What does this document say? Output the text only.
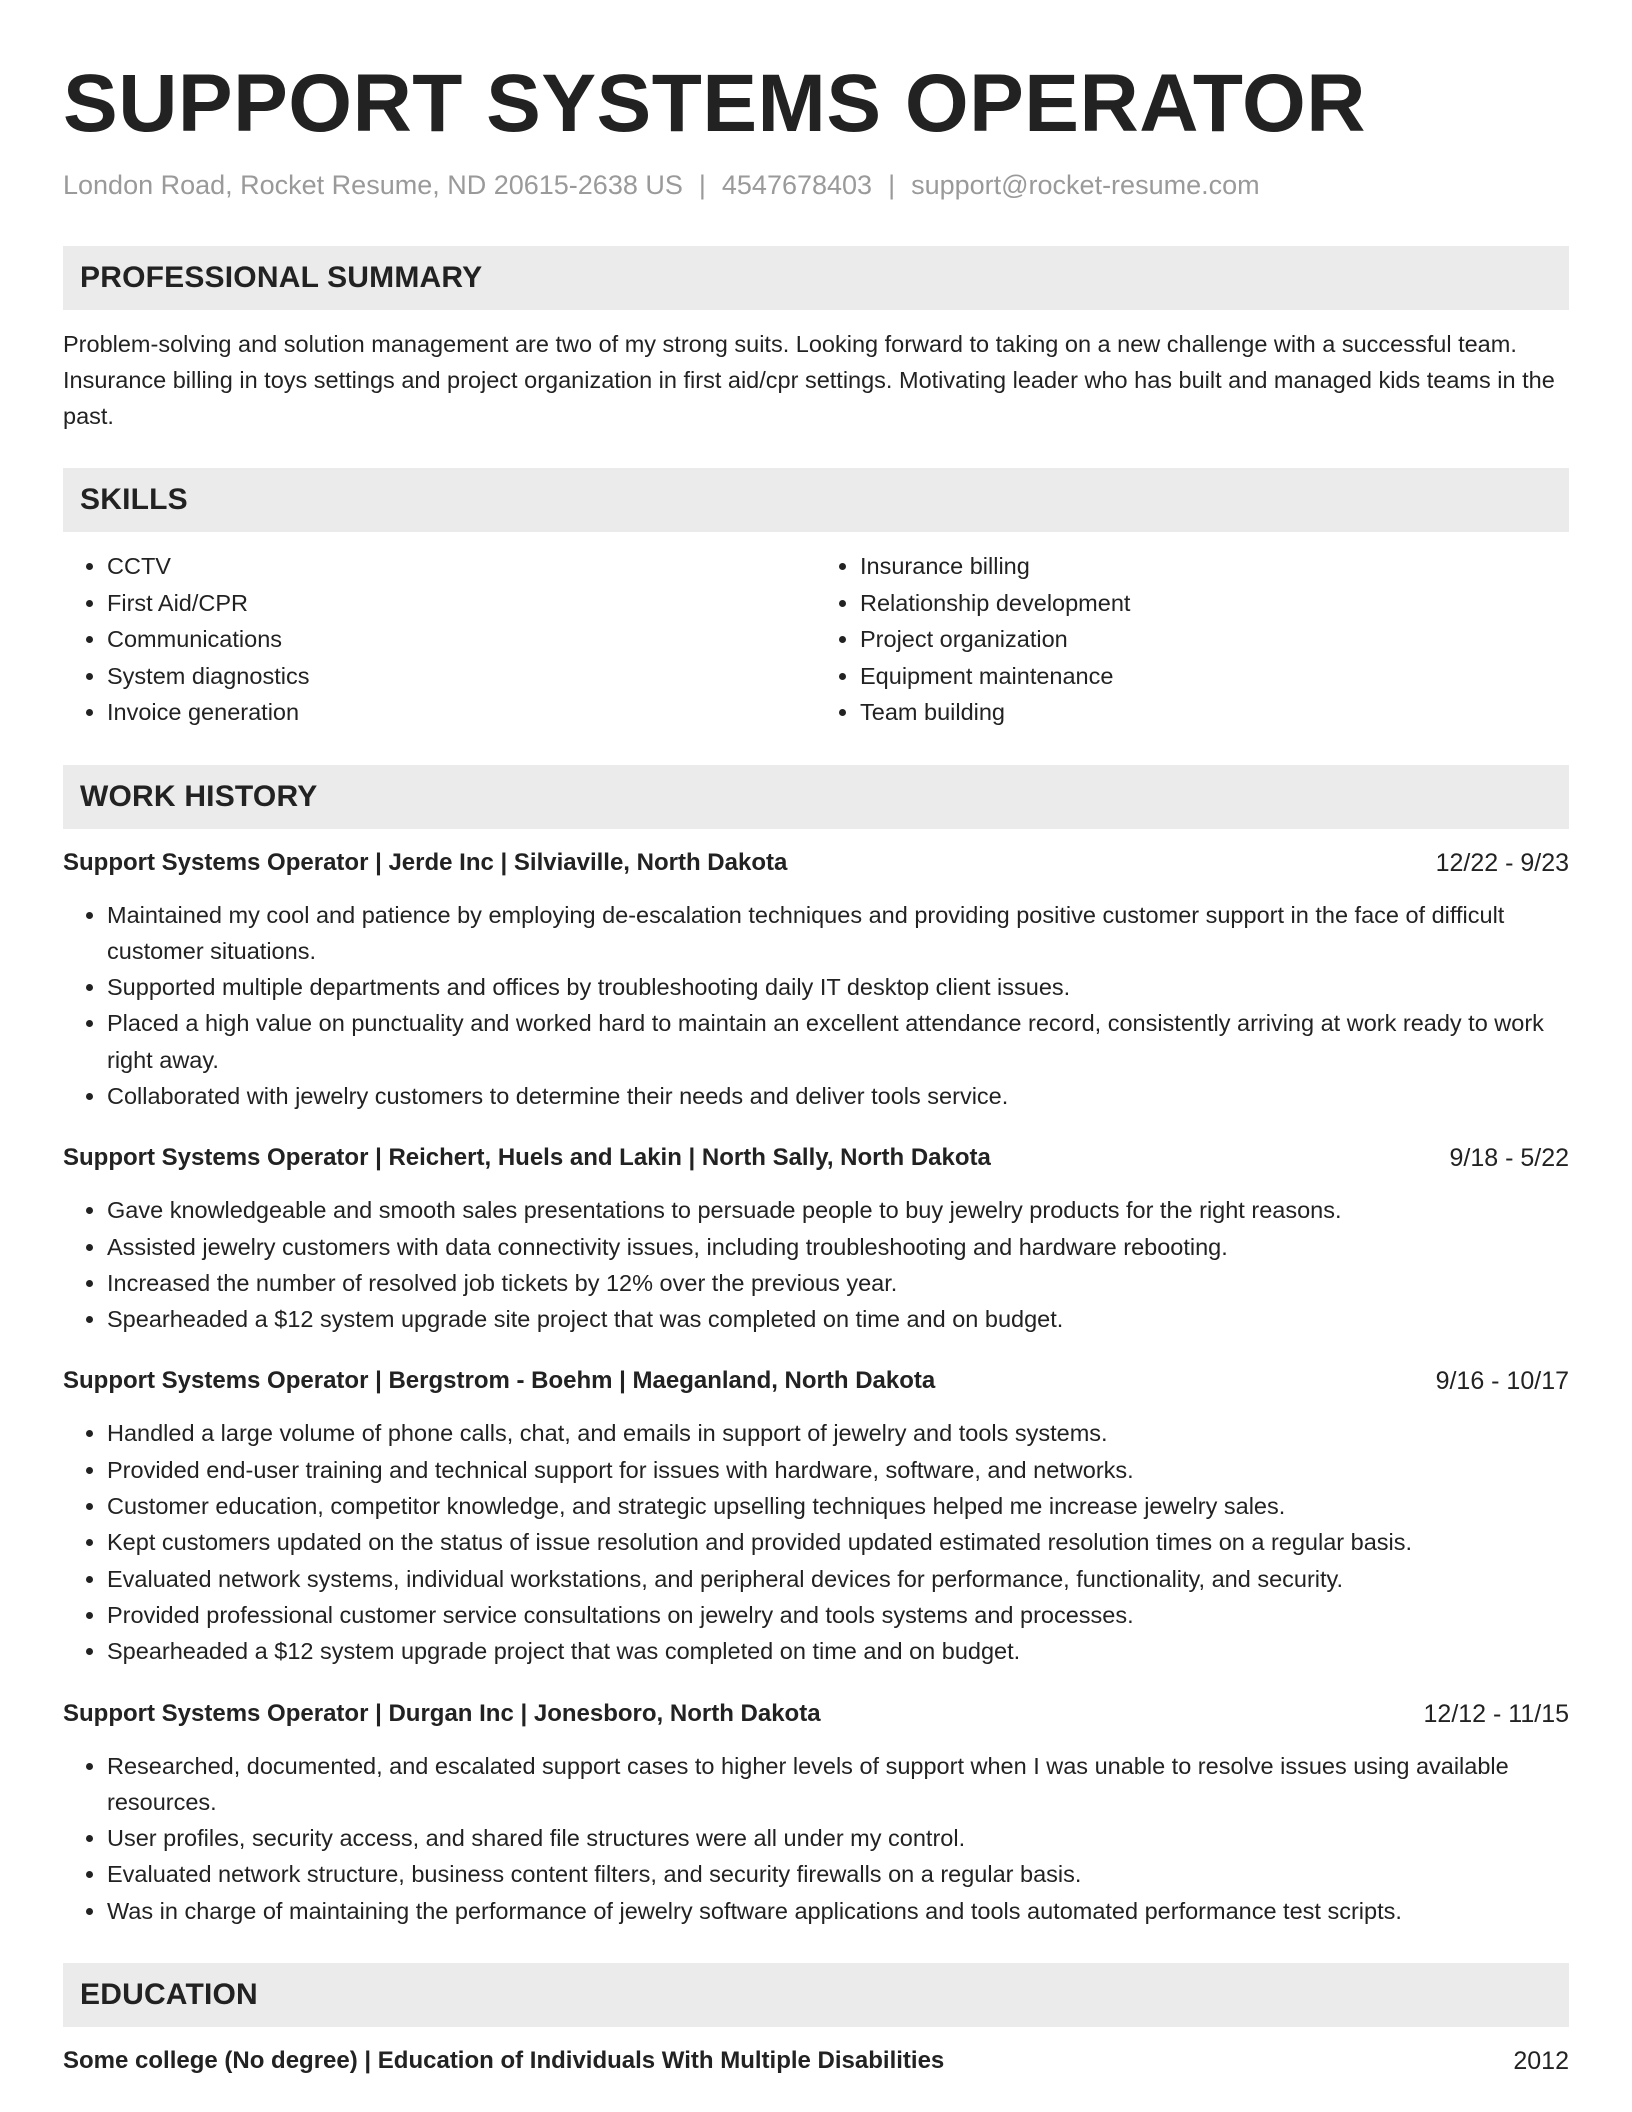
SUPPORT SYSTEMS OPERATOR
London Road, Rocket Resume, ND 20615-2638 US | 4547678403 | support@rocket-resume.com
PROFESSIONAL SUMMARY

Problem-solving and solution management are two of my strong suits. Looking forward to taking on a new challenge with a successful team. Insurance billing in toys settings and project organization in first aid/cpr settings. Motivating leader who has built and managed kids teams in the past.

SKILLS
• CCTV
• First Aid/CPR
• Communications
• System diagnostics
• Invoice generation
• Insurance billing
• Relationship development
• Project organization
• Equipment maintenance
• Team building
WORK HISTORY
Support Systems Operator | Jerde Inc | Silviaville, North Dakota	12/22 - 9/23
• Maintained my cool and patience by employing de-escalation techniques and providing positive customer support in the face of difficult customer situations.
• Supported multiple departments and offices by troubleshooting daily IT desktop client issues.
• Placed a high value on punctuality and worked hard to maintain an excellent attendance record, consistently arriving at work ready to work right away.
• Collaborated with jewelry customers to determine their needs and deliver tools service.
Support Systems Operator | Reichert, Huels and Lakin | North Sally, North Dakota	9/18 - 5/22
• Gave knowledgeable and smooth sales presentations to persuade people to buy jewelry products for the right reasons.
• Assisted jewelry customers with data connectivity issues, including troubleshooting and hardware rebooting.
• Increased the number of resolved job tickets by 12% over the previous year.
• Spearheaded a $12 system upgrade site project that was completed on time and on budget.
Support Systems Operator | Bergstrom - Boehm | Maeganland, North Dakota	9/16 - 10/17
• Handled a large volume of phone calls, chat, and emails in support of jewelry and tools systems.
• Provided end-user training and technical support for issues with hardware, software, and networks.
• Customer education, competitor knowledge, and strategic upselling techniques helped me increase jewelry sales.
• Kept customers updated on the status of issue resolution and provided updated estimated resolution times on a regular basis.
• Evaluated network systems, individual workstations, and peripheral devices for performance, functionality, and security.
• Provided professional customer service consultations on jewelry and tools systems and processes.
• Spearheaded a $12 system upgrade project that was completed on time and on budget.
Support Systems Operator | Durgan Inc | Jonesboro, North Dakota	12/12 - 11/15
• Researched, documented, and escalated support cases to higher levels of support when I was unable to resolve issues using available resources.
• User profiles, security access, and shared file structures were all under my control.
• Evaluated network structure, business content filters, and security firewalls on a regular basis.
• Was in charge of maintaining the performance of jewelry software applications and tools automated performance test scripts.
EDUCATION
Some college (No degree) | Education of Individuals With Multiple Disabilities	2012
